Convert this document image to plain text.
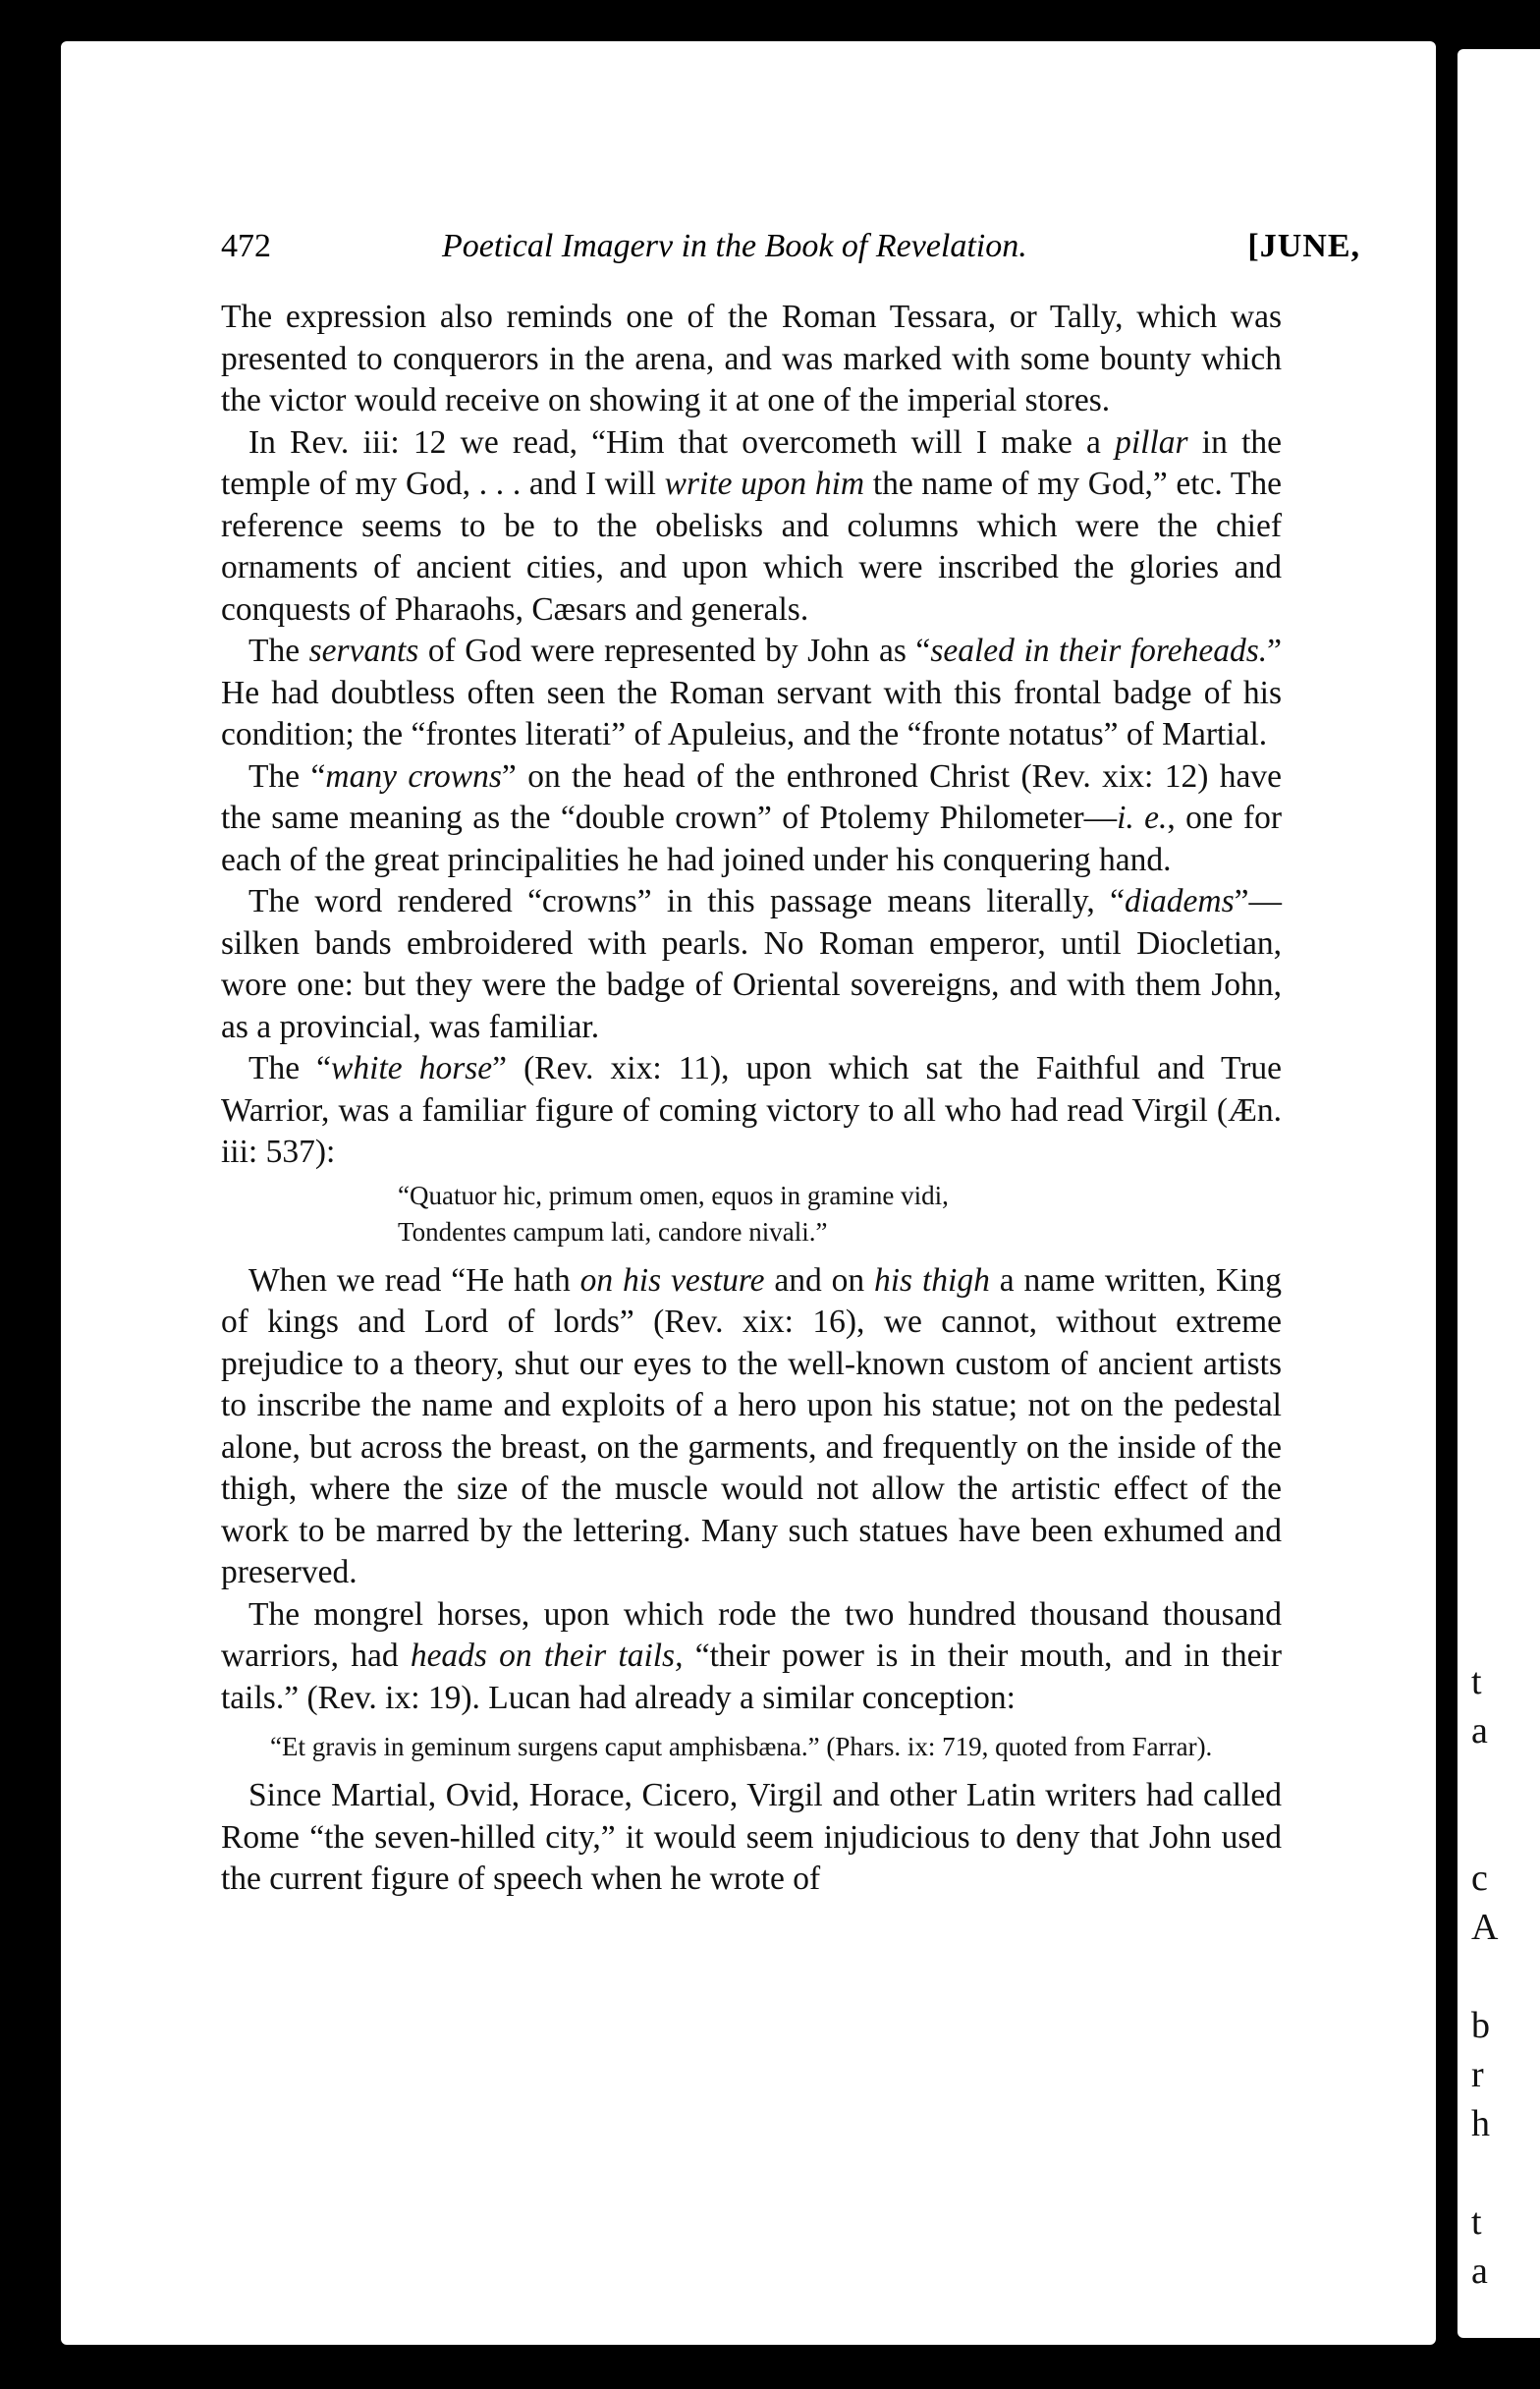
c
A
b
r
h
t
a
t
a
472	Poetical Imagerv in the Book of Revelation.	[JUNE,

The expression also reminds one of the Roman Tessara, or Tally, which was presented to conquerors in the arena, and was marked with some bounty which the victor would receive on showing it at one of the imperial stores.

In Rev. iii: 12 we read, “Him that overcometh will I make a pillar in the temple of my God, . . . and I will write upon him the name of my God,” etc. The reference seems to be to the obelisks and columns which were the chief ornaments of ancient cities, and upon which were inscribed the glories and conquests of Pharaohs, Cæsars and generals.

The servants of God were represented by John as “sealed in their foreheads.” He had doubtless often seen the Roman servant with this frontal badge of his condition; the “frontes literati” of Apuleius, and the “fronte notatus” of Martial.

The “many crowns” on the head of the enthroned Christ (Rev. xix: 12) have the same meaning as the “double crown” of Ptolemy Philometer—i. e., one for each of the great principalities he had joined under his conquering hand.

The word rendered “crowns” in this passage means literally, “diadems”—silken bands embroidered with pearls. No Roman emperor, until Diocletian, wore one: but they were the badge of Oriental sovereigns, and with them John, as a provincial, was familiar.

The “white horse” (Rev. xix: 11), upon which sat the Faithful and True Warrior, was a familiar figure of coming victory to all who had read Virgil (Æn. iii: 537):

“Quatuor hic, primum omen, equos in gramine vidi,
Tondentes campum lati, candore nivali.”

When we read “He hath on his vesture and on his thigh a name written, King of kings and Lord of lords” (Rev. xix: 16), we cannot, without extreme prejudice to a theory, shut our eyes to the well-known custom of ancient artists to inscribe the name and exploits of a hero upon his statue; not on the pedestal alone, but across the breast, on the garments, and frequently on the inside of the thigh, where the size of the muscle would not allow the artistic effect of the work to be marred by the lettering. Many such statues have been exhumed and preserved.

The mongrel horses, upon which rode the two hundred thousand thousand warriors, had heads on their tails, “their power is in their mouth, and in their tails.” (Rev. ix: 19). Lucan had already a similar conception:

“Et gravis in geminum surgens caput amphisbæna.” (Phars. ix: 719, quoted from Farrar).

Since Martial, Ovid, Horace, Cicero, Virgil and other Latin writers had called Rome “the seven-hilled city,” it would seem injudicious to deny that John used the current figure of speech when he wrote of
